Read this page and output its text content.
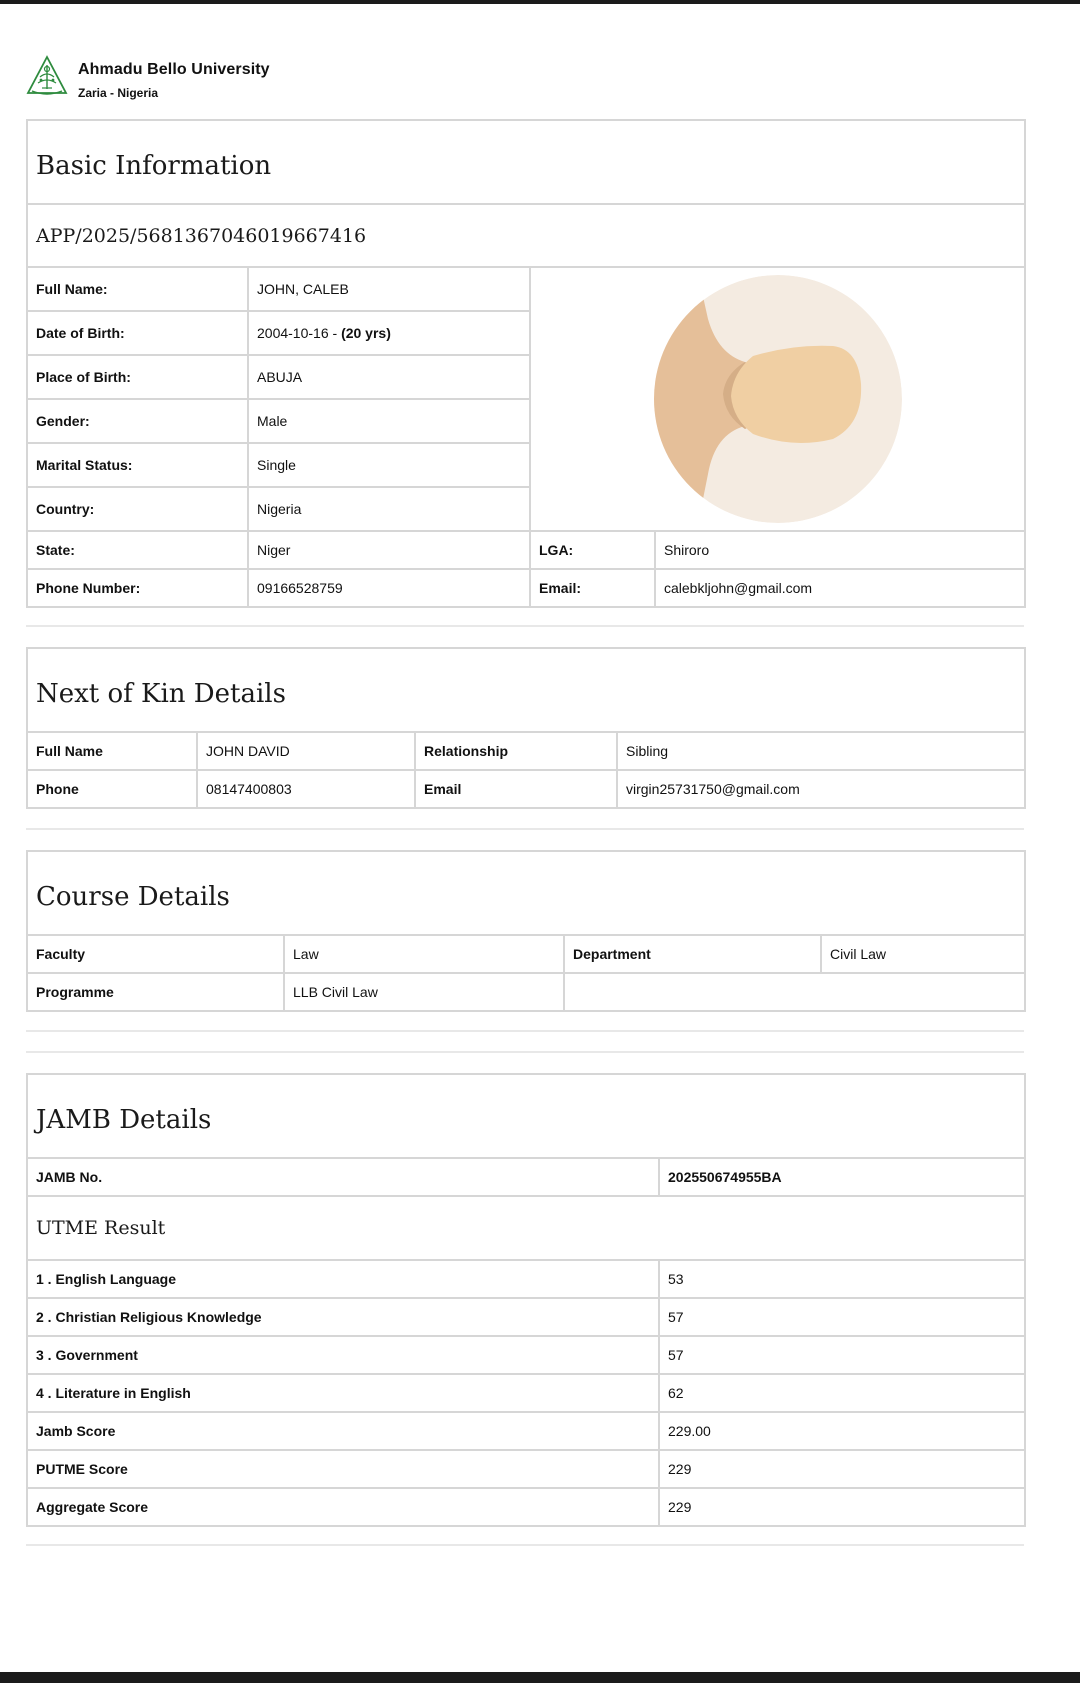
Ahmadu Bello University
Zaria - Nigeria
Basic Information			
APP/2025/5681367046019667416			
Full Name:	JOHN, CALEB	

Date of Birth:	2004-10-16 - (20 yrs)		
Place of Birth:	ABUJA		
Gender:	Male		
Marital Status:	Single		
Country:	Nigeria		
State:	Niger	LGA:	Shiroro
Phone Number:	09166528759	Email:	calebkljohn@gmail.com
Next of Kin Details			
Full Name	JOHN DAVID	Relationship	Sibling
Phone	08147400803	Email	virgin25731750@gmail.com
Course Details			
Faculty	Law	Department	Civil Law
Programme	LLB Civil Law		
JAMB Details	
JAMB No.	202550674955BA
UTME Result	
1 . English Language	53
2 . Christian Religious Knowledge	57
3 . Government	57
4 . Literature in English	62
Jamb Score	229.00
PUTME Score	229
Aggregate Score	229
